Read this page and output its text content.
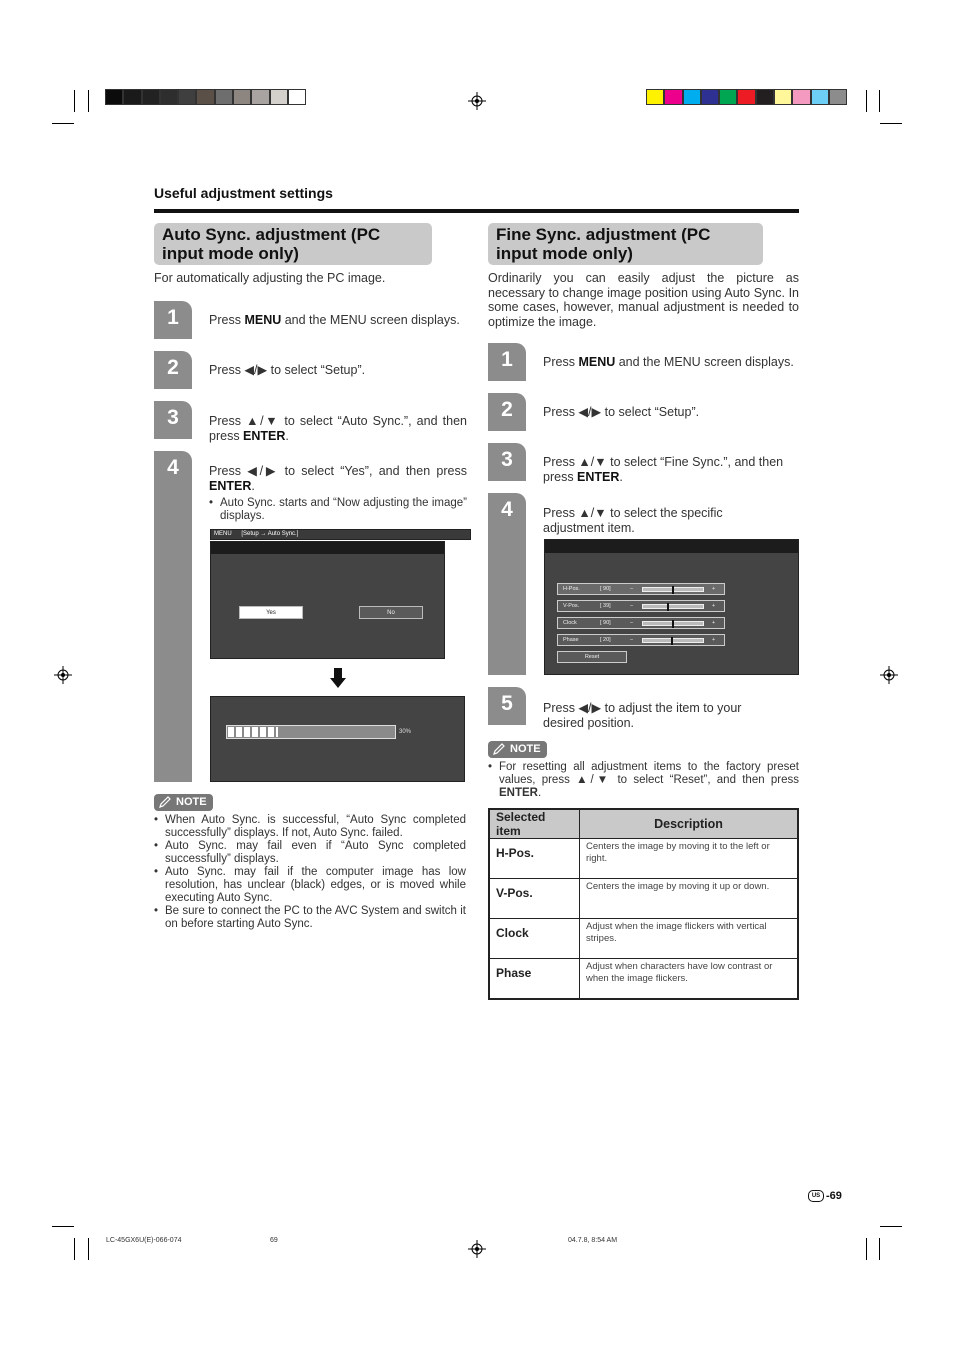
Useful adjustment settings
Auto Sync. adjustment (PC input mode only)
For automatically adjusting the PC image.
1	Press MENU and the MENU screen displays.
2	Press ◀/▶ to select “Setup”.
3	Press ▲/▼ to select “Auto Sync.”, and then press ENTER.
4	Press ◀/▶ to select “Yes”, and then press ENTER.
• Auto Sync. starts and “Now adjusting the image” displays.
MENU [Setup → Auto Sync.]
Yes	No
30%
NOTE
• When Auto Sync. is successful, “Auto Sync completed successfully” displays. If not, Auto Sync. failed.
• Auto Sync. may fail even if “Auto Sync completed successfully” displays.
• Auto Sync. may fail if the computer image has low resolution, has unclear (black) edges, or is moved while executing Auto Sync.
• Be sure to connect the PC to the AVC System and switch it on before starting Auto Sync.
Fine Sync. adjustment (PC input mode only)
Ordinarily you can easily adjust the picture as necessary to change image position using Auto Sync. In some cases, however, manual adjustment is needed to optimize the image.
1	Press MENU and the MENU screen displays.
2	Press ◀/▶ to select “Setup”.
3	Press ▲/▼ to select “Fine Sync.”, and then press ENTER.
4	Press ▲/▼ to select the specific adjustment item.
H-Pos.	[ 90]	–	+
V-Pos.	[ 39]	–	+
Clock	[ 90]	–	+
Phase	[ 20]	–	+
Reset
5	Press ◀/▶ to adjust the item to your desired position.
NOTE
• For resetting all adjustment items to the factory preset values, press ▲/▼ to select “Reset”, and then press ENTER.
Selected item	Description
H-Pos.	Centers the image by moving it to the left or right.
V-Pos.	Centers the image by moving it up or down.
Clock	Adjust when the image flickers with vertical stripes.
Phase	Adjust when characters have low contrast or when the image flickers.
US -69
LC-45GX6U(E)-066-074	69	04.7.8, 8:54 AM
